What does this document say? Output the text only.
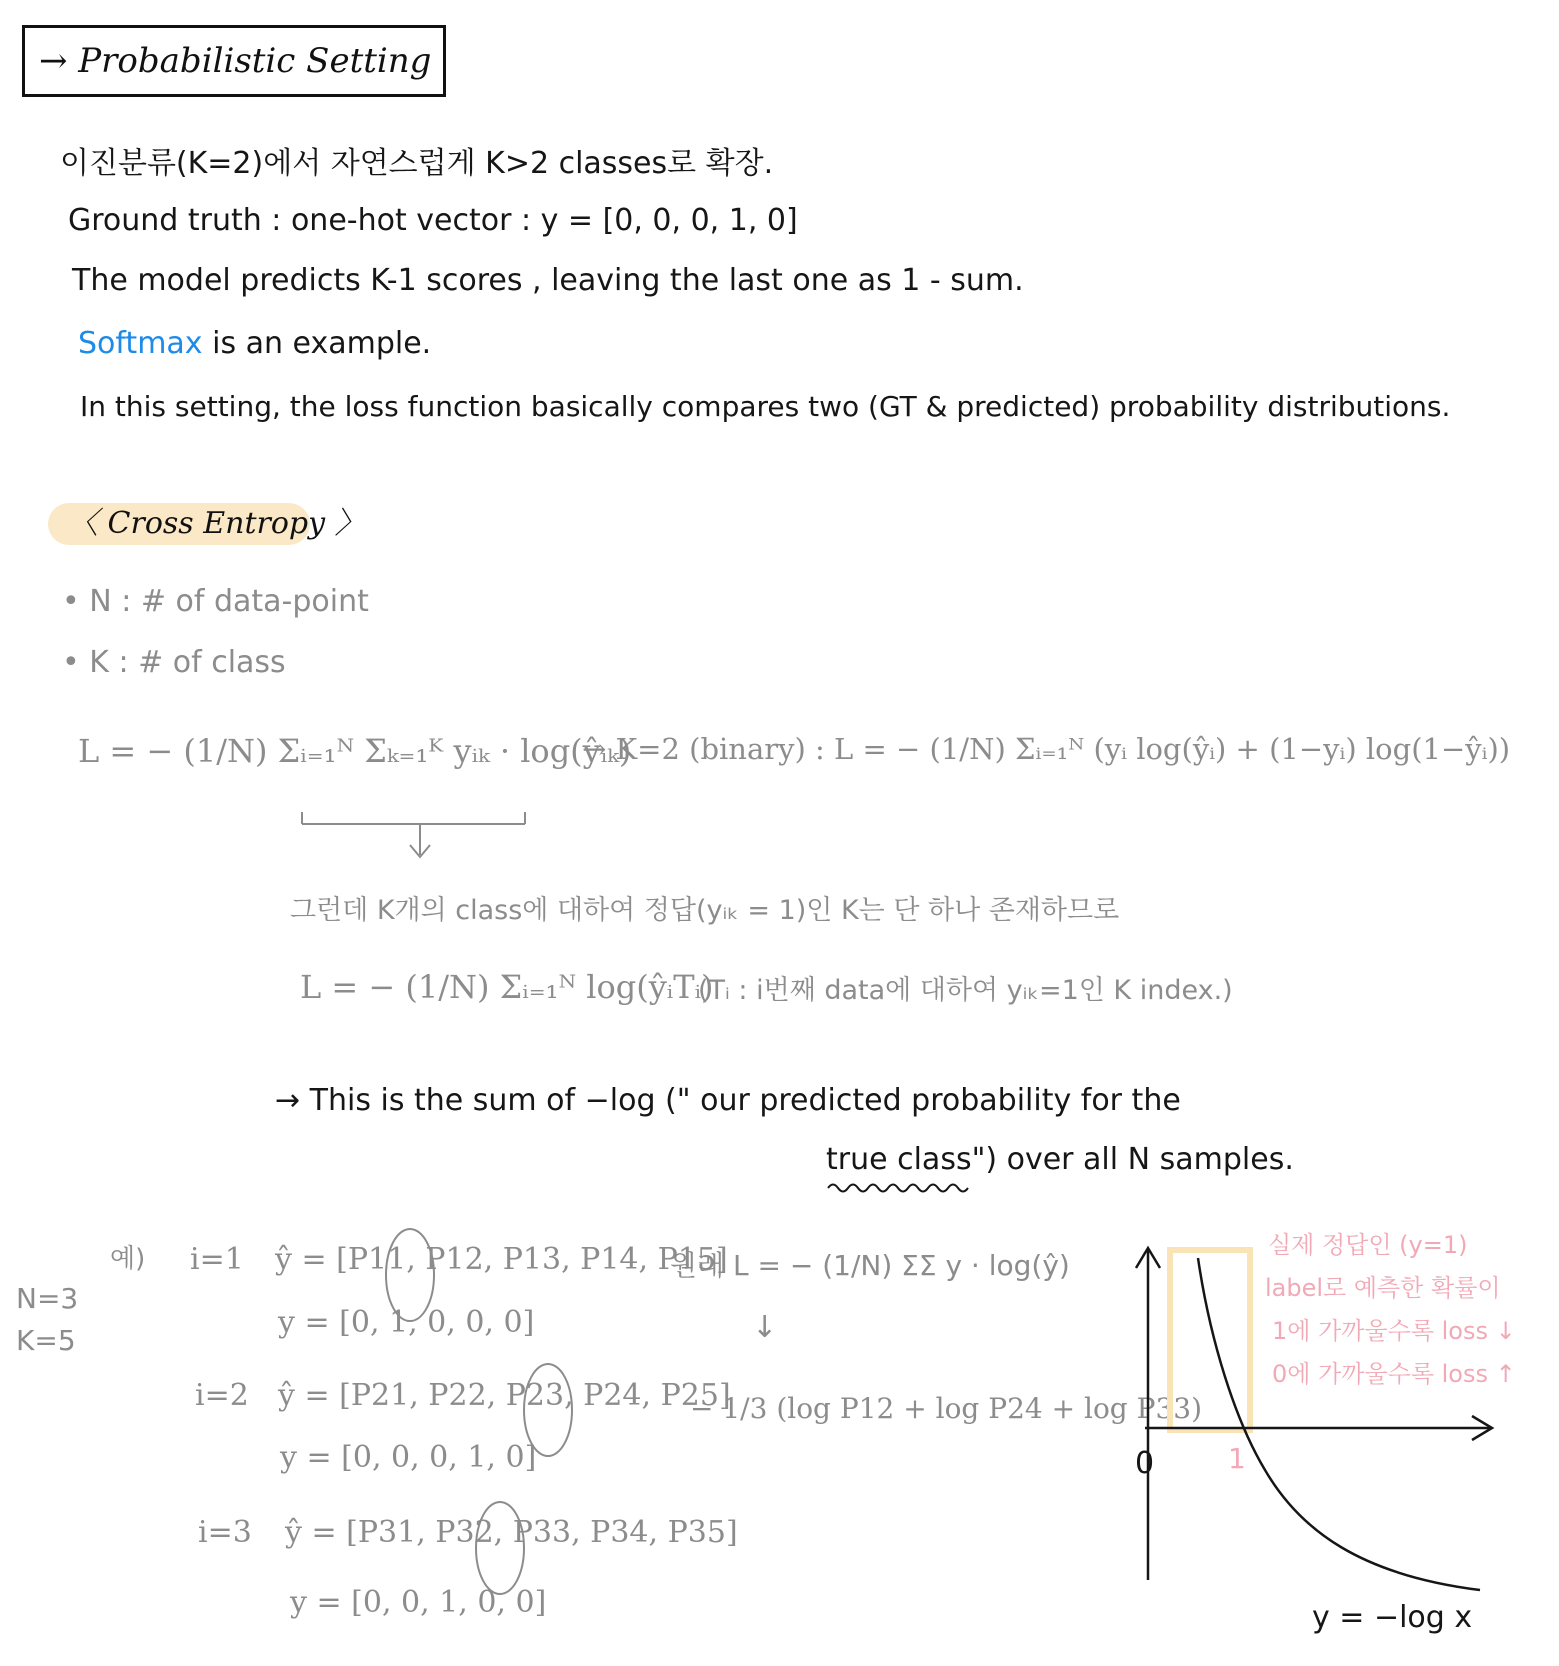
→ Probabilistic Setting
이진분류(K=2)에서 자연스럽게 K>2 classes로 확장.
Ground truth : one-hot vector : y = [0, 0, 0, 1, 0]
The model predicts K-1 scores , leaving the last one as 1 - sum.
Softmax is an example.
In this setting, the loss function basically compares two (GT & predicted) probability distributions.
〈 Cross Entropy 〉
• N : # of data-point
• K : # of class
L = − (1/N) Σᵢ₌₁ᴺ Σₖ₌₁ᴷ yᵢₖ · log(ŷᵢₖ)
→ K=2 (binary) : L = − (1/N) Σᵢ₌₁ᴺ (yᵢ log(ŷᵢ) + (1−yᵢ) log(1−ŷᵢ))
그런데 K개의 class에 대하여 정답(yᵢₖ = 1)인 K는 단 하나 존재하므로
L = − (1/N) Σᵢ₌₁ᴺ log(ŷᵢTᵢ)
(Tᵢ : i번째 data에 대하여 yᵢₖ=1인 K index.)
→ This is the sum of −log (" our predicted probability for the
true class") over all N samples.
예)
N=3
K=5
i=1 ŷ = [P11, P12, P13, P14, P15]
y = [0, 1, 0, 0, 0]
i=2 ŷ = [P21, P22, P23, P24, P25]
y = [0, 0, 0, 1, 0]
i=3 ŷ = [P31, P32, P33, P34, P35]
y = [0, 0, 1, 0, 0]
원래 L = − (1/N) ΣΣ y · log(ŷ)
↓
− 1/3 (log P12 + log P24 + log P33)
실제 정답인 (y=1)
label로 예측한 확률이
1에 가까울수록 loss ↓
0에 가까울수록 loss ↑
0	1
y = −log x
